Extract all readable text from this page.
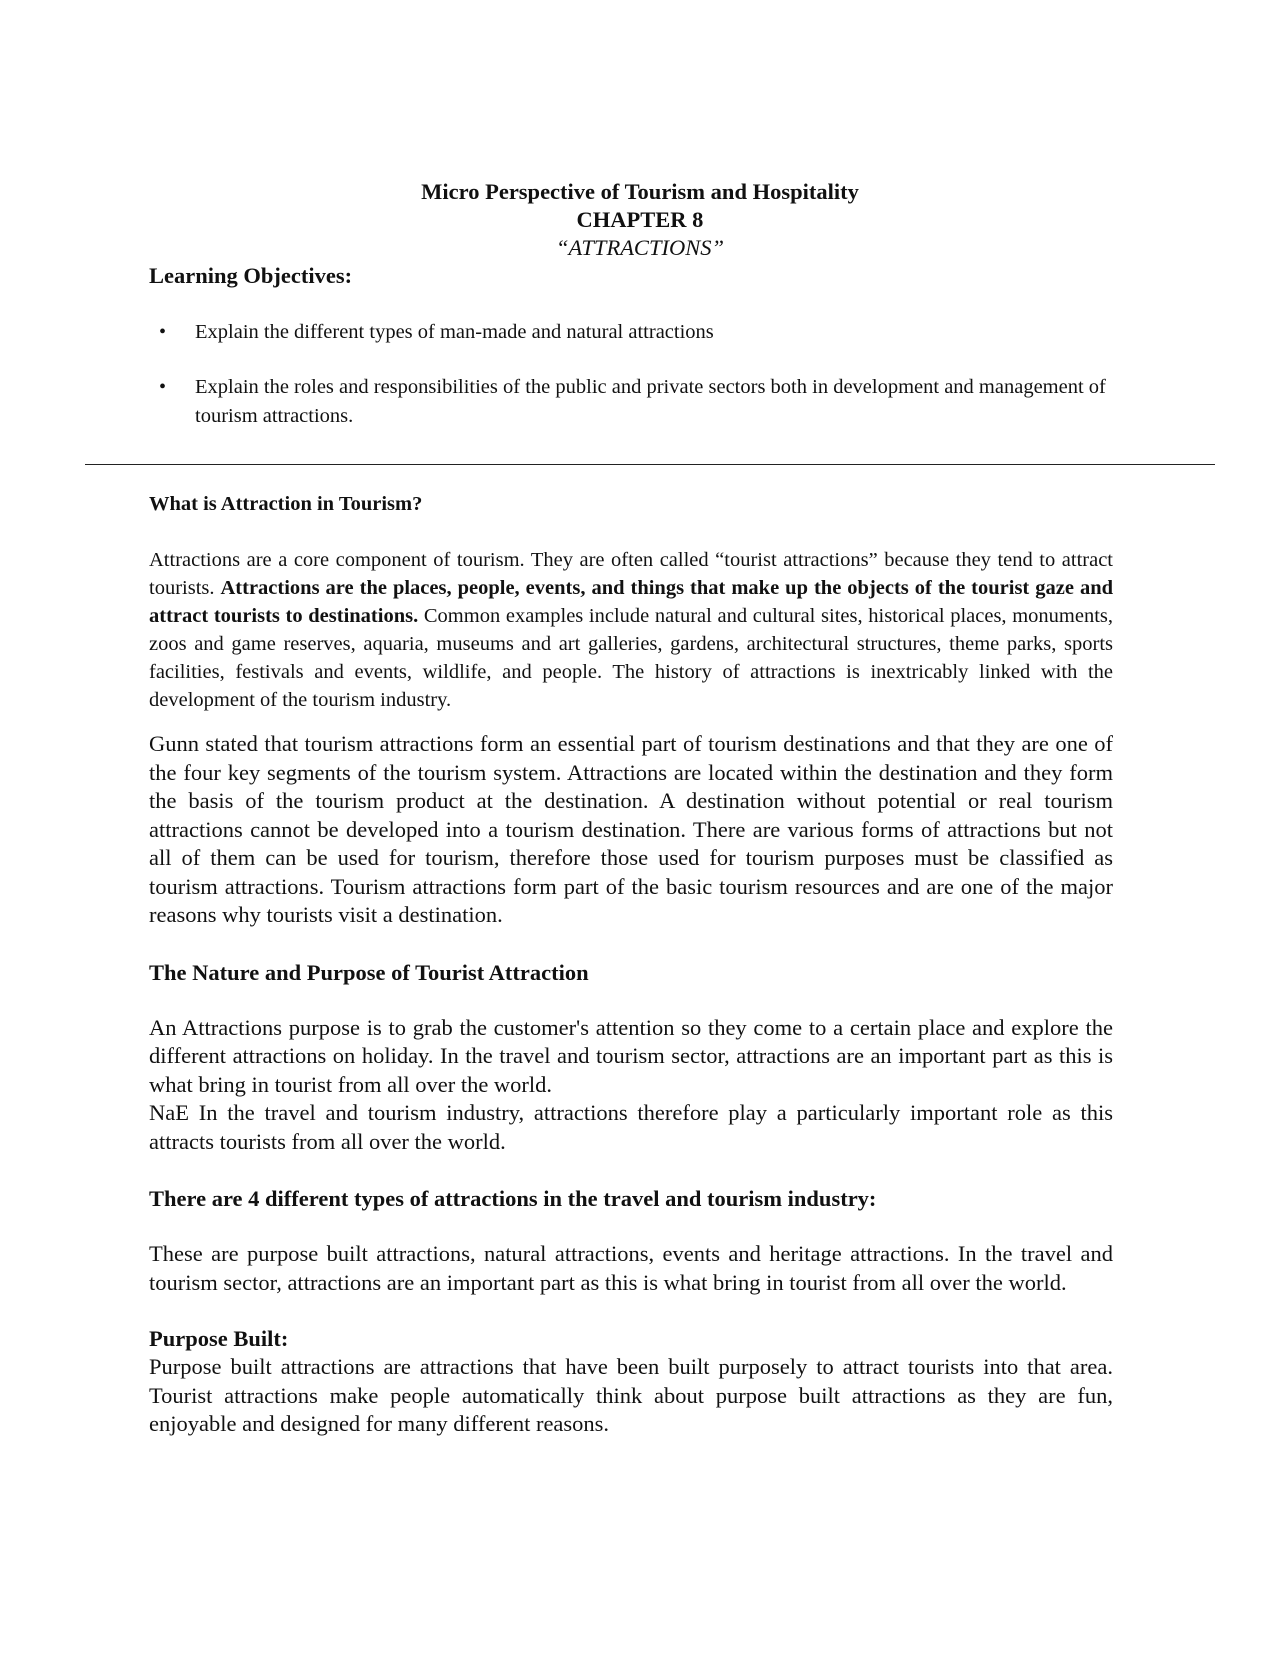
Micro Perspective of Tourism and Hospitality

CHAPTER 8

“ATTRACTIONS”

Learning Objectives:

• Explain the different types of man-made and natural attractions
• Explain the roles and responsibilities of the public and private sectors both in development and management of tourism attractions.

What is Attraction in Tourism?

Attractions are a core component of tourism. They are often called “tourist attractions” because they tend to attract tourists. Attractions are the places, people, events, and things that make up the objects of the tourist gaze and attract tourists to destinations. Common examples include natural and cultural sites, historical places, monuments, zoos and game reserves, aquaria, museums and art galleries, gardens, architectural structures, theme parks, sports facilities, festivals and events, wildlife, and people. The history of attractions is inextricably linked with the development of the tourism industry.

Gunn stated that tourism attractions form an essential part of tourism destinations and that they are one of the four key segments of the tourism system. Attractions are located within the destination and they form the basis of the tourism product at the destination. A destination without potential or real tourism attractions cannot be developed into a tourism destination. There are various forms of attractions but not all of them can be used for tourism, therefore those used for tourism purposes must be classified as tourism attractions. Tourism attractions form part of the basic tourism resources and are one of the major reasons why tourists visit a destination.

The Nature and Purpose of Tourist Attraction

An Attractions purpose is to grab the customer's attention so they come to a certain place and explore the different attractions on holiday. In the travel and tourism sector, attractions are an important part as this is what bring in tourist from all over the world.

NaE In the travel and tourism industry, attractions therefore play a particularly important role as this attracts tourists from all over the world.

There are 4 different types of attractions in the travel and tourism industry:

These are purpose built attractions, natural attractions, events and heritage attractions. In the travel and tourism sector, attractions are an important part as this is what bring in tourist from all over the world.

Purpose Built:

Purpose built attractions are attractions that have been built purposely to attract tourists into that area. Tourist attractions make people automatically think about purpose built attractions as they are fun, enjoyable and designed for many different reasons.
